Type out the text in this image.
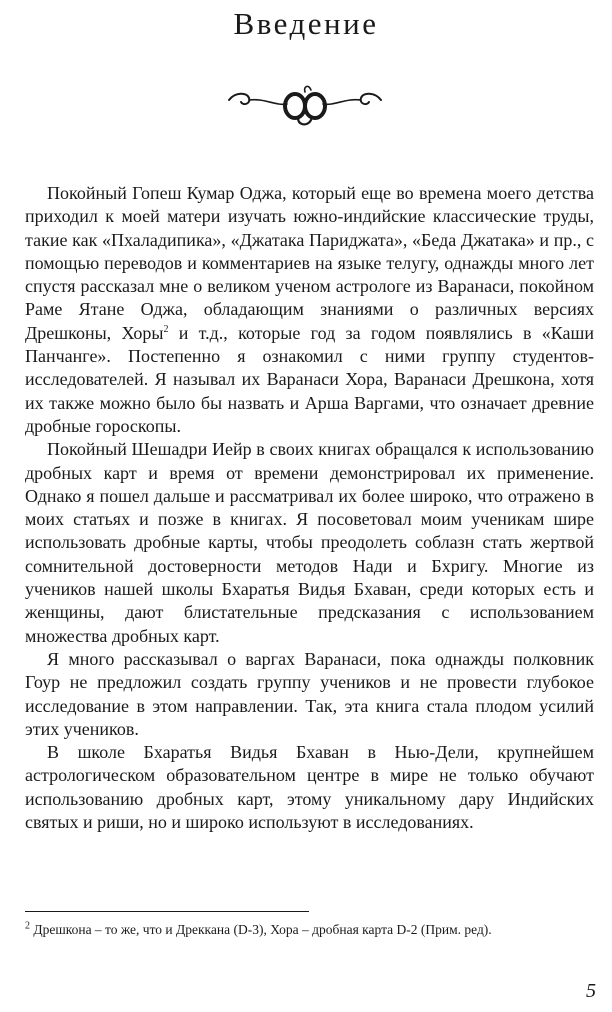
Введение

Покойный Гопеш Кумар Оджа, который еще во времена моего детства приходил к моей матери изучать южно-индийские классические труды, такие как «Пхаладипика», «Джатака Париджата», «Беда Джатака» и пр., с помощью переводов и комментариев на языке телугу, однажды много лет спустя рассказал мне о великом ученом астрологе из Варанаси, покойном Раме Ятане Оджа, обладающим знаниями о различных версиях Дрешконы, Хоры$^2$ и т.д., которые год за годом появлялись в «Каши Панчанге». Постепенно я ознакомил с ними группу студентов-исследователей. Я называл их Варанаси Хора, Варанаси Дрешкона, хотя их также можно было бы назвать и Арша Варгами, что означает древние дробные гороскопы.

Покойный Шешадри Иейр в своих книгах обращался к использованию дробных карт и время от времени демонстрировал их применение. Однако я пошел дальше и рассматривал их более широко, что отражено в моих статьях и позже в книгах. Я посоветовал моим ученикам шире использовать дробные карты, чтобы преодолеть соблазн стать жертвой сомнительной достоверности методов Нади и Бхригу. Многие из учеников нашей школы Бхаратья Видья Бхаван, среди которых есть и женщины, дают блистательные предсказания с использованием множества дробных карт.

Я много рассказывал о варгах Варанаси, пока однажды полковник Гоур не предложил создать группу учеников и не провести глубокое исследование в этом направлении. Так, эта книга стала плодом усилий этих учеников.

В школе Бхаратья Видья Бхаван в Нью-Дели, крупнейшем астрологическом образовательном центре в мире не только обучают использованию дробных карт, этому уникальному дару Индийских святых и риши, но и широко используют в исследованиях.

$^2$ Дрешкона – то же, что и Дреккана (D-3), Хора – дробная карта D-2 (Прим. ред).
5
